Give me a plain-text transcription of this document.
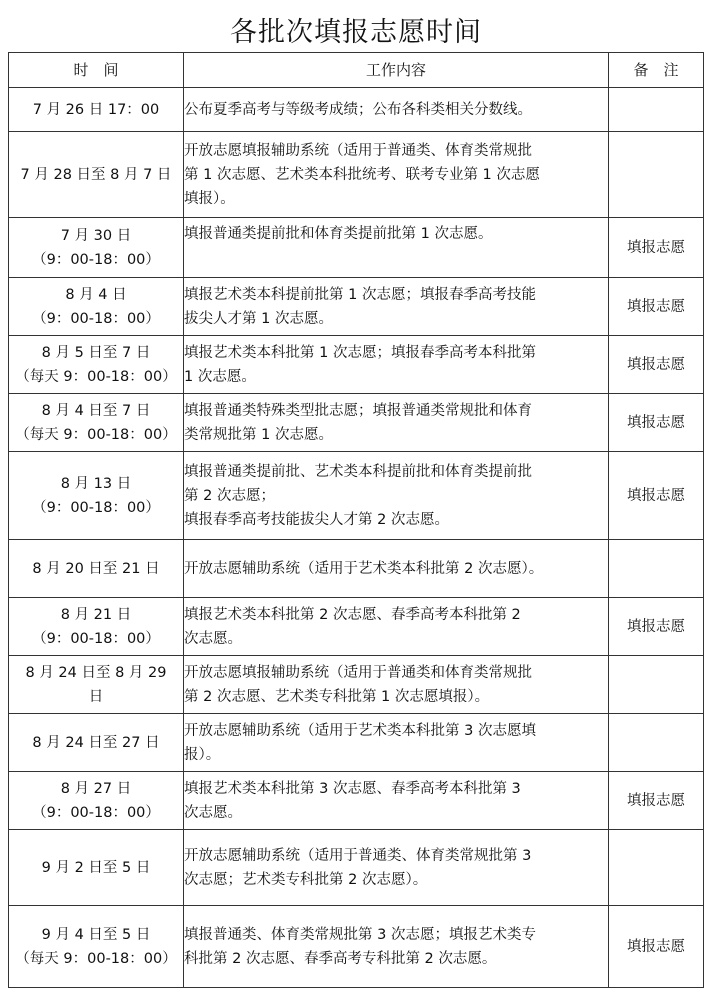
各批次填报志愿时间
时　间	工作内容	备　注
7 月 26 日 17：00	公布夏季高考与等级考成绩；公布各科类相关分数线。	
7 月 28 日至 8 月 7 日	开放志愿填报辅助系统（适用于普通类、体育类常规批
第 1 次志愿、艺术类本科批统考、联考专业第 1 次志愿
填报）。	
7 月 30 日
（9：00-18：00）	填报普通类提前批和体育类提前批第 1 次志愿。	填报志愿
8 月 4 日
（9：00-18：00）	填报艺术类本科提前批第 1 次志愿；填报春季高考技能
拔尖人才第 1 次志愿。	填报志愿
8 月 5 日至 7 日
（每天 9：00-18：00）	填报艺术类本科批第 1 次志愿；填报春季高考本科批第
1 次志愿。	填报志愿
8 月 4 日至 7 日
（每天 9：00-18：00）	填报普通类特殊类型批志愿；填报普通类常规批和体育
类常规批第 1 次志愿。	填报志愿
8 月 13 日
（9：00-18：00）	填报普通类提前批、艺术类本科提前批和体育类提前批
第 2 次志愿；
填报春季高考技能拔尖人才第 2 次志愿。	填报志愿
8 月 20 日至 21 日	开放志愿辅助系统（适用于艺术类本科批第 2 次志愿）。	
8 月 21 日
（9：00-18：00）	填报艺术类本科批第 2 次志愿、春季高考本科批第 2
次志愿。	填报志愿
8 月 24 日至 8 月 29
日	开放志愿填报辅助系统（适用于普通类和体育类常规批
第 2 次志愿、艺术类专科批第 1 次志愿填报）。	
8 月 24 日至 27 日	开放志愿辅助系统（适用于艺术类本科批第 3 次志愿填
报）。	
8 月 27 日
（9：00-18：00）	填报艺术类本科批第 3 次志愿、春季高考本科批第 3
次志愿。	填报志愿
9 月 2 日至 5 日	开放志愿辅助系统（适用于普通类、体育类常规批第 3
次志愿；艺术类专科批第 2 次志愿）。	
9 月 4 日至 5 日
（每天 9：00-18：00）	填报普通类、体育类常规批第 3 次志愿；填报艺术类专
科批第 2 次志愿、春季高考专科批第 2 次志愿。	填报志愿
